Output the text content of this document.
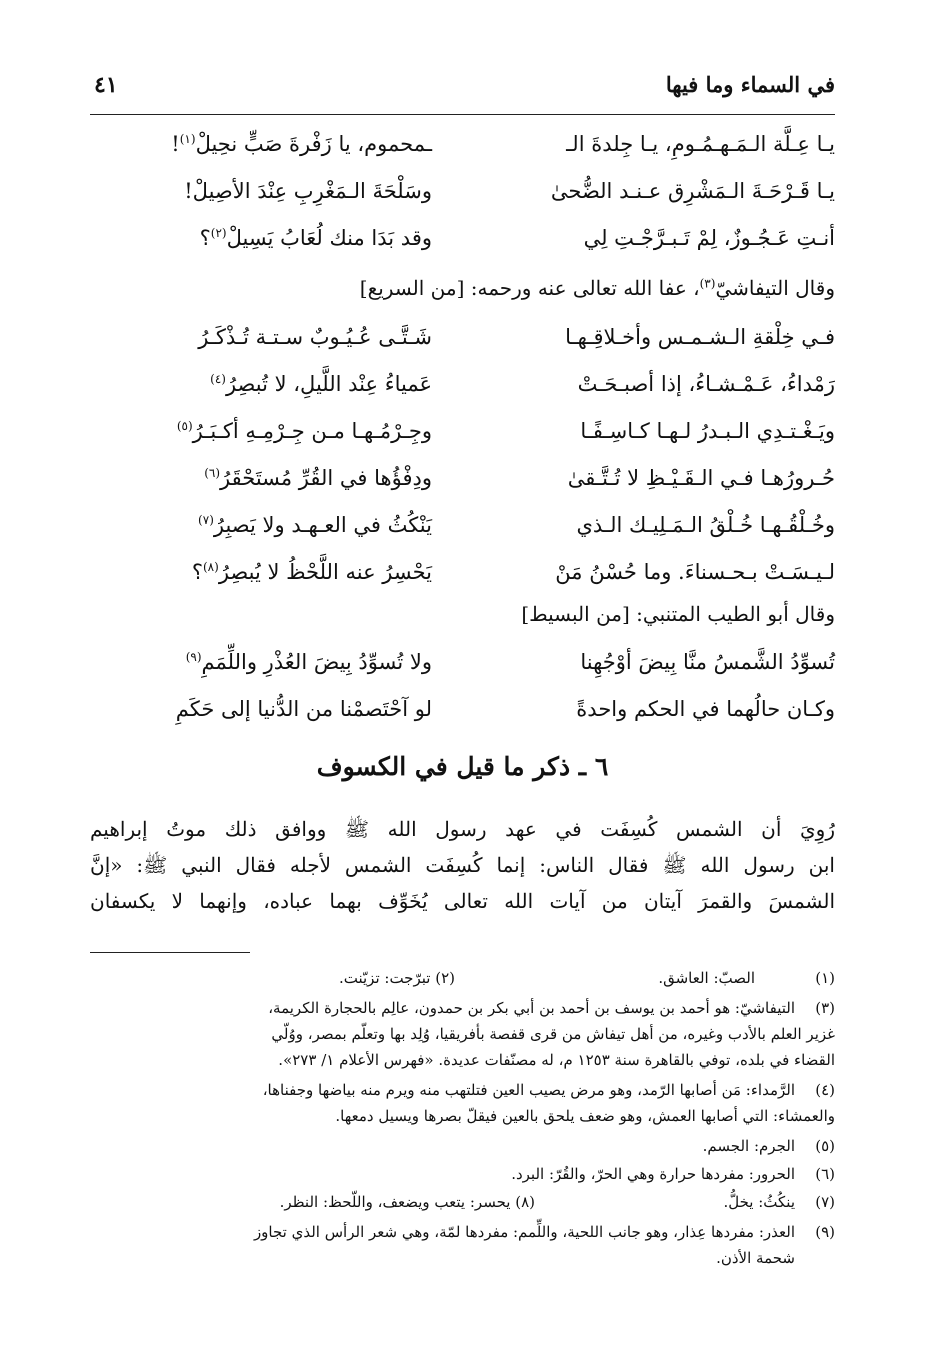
في السماء وما فيها
٤١
يـا عِـلَّة الـمَـهـمُـومِ، يـا جِلدةَ الـ
ـمحموم، يا زَفْرةَ صَبٍّ نحِيلْ$^{(١)}$!
يـا قَـرْحَـةَ الـمَشْرِق عـنـد الضُّحىٰ
وسَلْحَةَ الـمَغْرِبِ عِنْدَ الأصِيلْ!
أنـتِ عَـجُـوزٌ، لِمْ تَـبـرَّجْـتِ لِي
وقد بَدَا منك لُعَابُ يَسِيلْ$^{(٢)}$؟
وقال التيفاشيّ$^{(٣)}$، عفا الله تعالى عنه ورحمه: [من السريع]
فـي خِلْقةِ الـشـمـس وأخـلاقِـهـا
شَـتَّـى عُـيُـوبٌ سـتـة تُـذْكَـرُ
رَمْداءُ، عَـمْـشـاءُ، إذا أصبـحَـتْ
عَمياءُ عِنْد اللَّيلِ، لا تُبصِرُ$^{(٤)}$
ويَـغْـتـدِي الـبـدرُ لـهـا كـاسِـفًـا
وجِـرْمُـهـا مـن جِـرْمِـهِ أكـبَـرُ$^{(٥)}$
حُـرورُهـا فـي الـقَـيْـظِ لا تُـتَّـقىٰ
ودِفْؤُها في القُرِّ مُستَحْقَرُ$^{(٦)}$
وخُـلْقُـهـا خُـلْقُ الـمَـلِيـك الـذي
يَنْكُثُ في العـهـد ولا يَصبِرُ$^{(٧)}$
لـيـسَـتْ بـحـسناءَ. وما حُسْنُ مَنْ
يَحْسِرُ عنه اللَّحْظُ لا يُبصِرُ$^{(٨)}$؟
وقال أبو الطيب المتنبي: [من البسيط]
تُسوِّدُ الشَّمسُ منَّا بِيضَ أوْجُهِنا
ولا تُسوِّدُ بِيضَ العُذْرِ واللِّمَمِ$^{(٩)}$
وكـان حالُهما في الحكم واحدةً
لو آحْتَصمْنا من الدُّنيا إلى حَكَمِ
٦ ـ ذكر ما قيل في الكسوف
رُوِيَ أن الشمس كُسِفَت في عهد رسول الله ﷺ ووافق ذلك موتُ إبراهيم
ابن رسول الله ﷺ فقال الناس: إنما كُسِفَت الشمس لأجله فقال النبي ﷺ: «إنَّ
الشمسَ والقمرَ آيتان من آيات الله تعالى يُخَوِّف بهما عباده، وإنهما لا يكسفان
(١)
الصبّ: العاشق.
(٢) تبرّجت: تزيّنت.
(٣)
التيفاشيّ: هو أحمد بن يوسف بن أحمد بن أبي بكر بن حمدون، عالِم بالحجارة الكريمة،
غزير العلم بالأدب وغيره، من أهل تيفاش من قرى قفصة بأفريقيا، وُلِد بها وتعلّم بمصر، ووُلّي
القضاء في بلده، توفي بالقاهرة سنة ١٢٥٣ م، له مصنّفات عديدة. «فهرس الأعلام ١/ ٢٧٣».
(٤)
الرَّمداء: مَن أصابها الرّمد، وهو مرض يصيب العين فتلتهب منه ويرم منه بياضها وجفناها،
والعمشاء: التي أصابها العمش، وهو ضعف يلحق بالعين فيقلّ بصرها ويسيل دمعها.
(٥)
الجرم: الجسم.
(٦)
الحرور: مفردها حرارة وهي الحرّ، والقُرّ: البرد.
(٧)
ينكُثُ: يخلُّ.
(٨) يحسر: يتعب ويضعف، واللّحظ: النظر.
(٩)
العذر: مفردها عِذار، وهو جانب اللحية، واللِّمم: مفردها لمّة، وهي شعر الرأس الذي تجاوز
شحمة الأذن.
